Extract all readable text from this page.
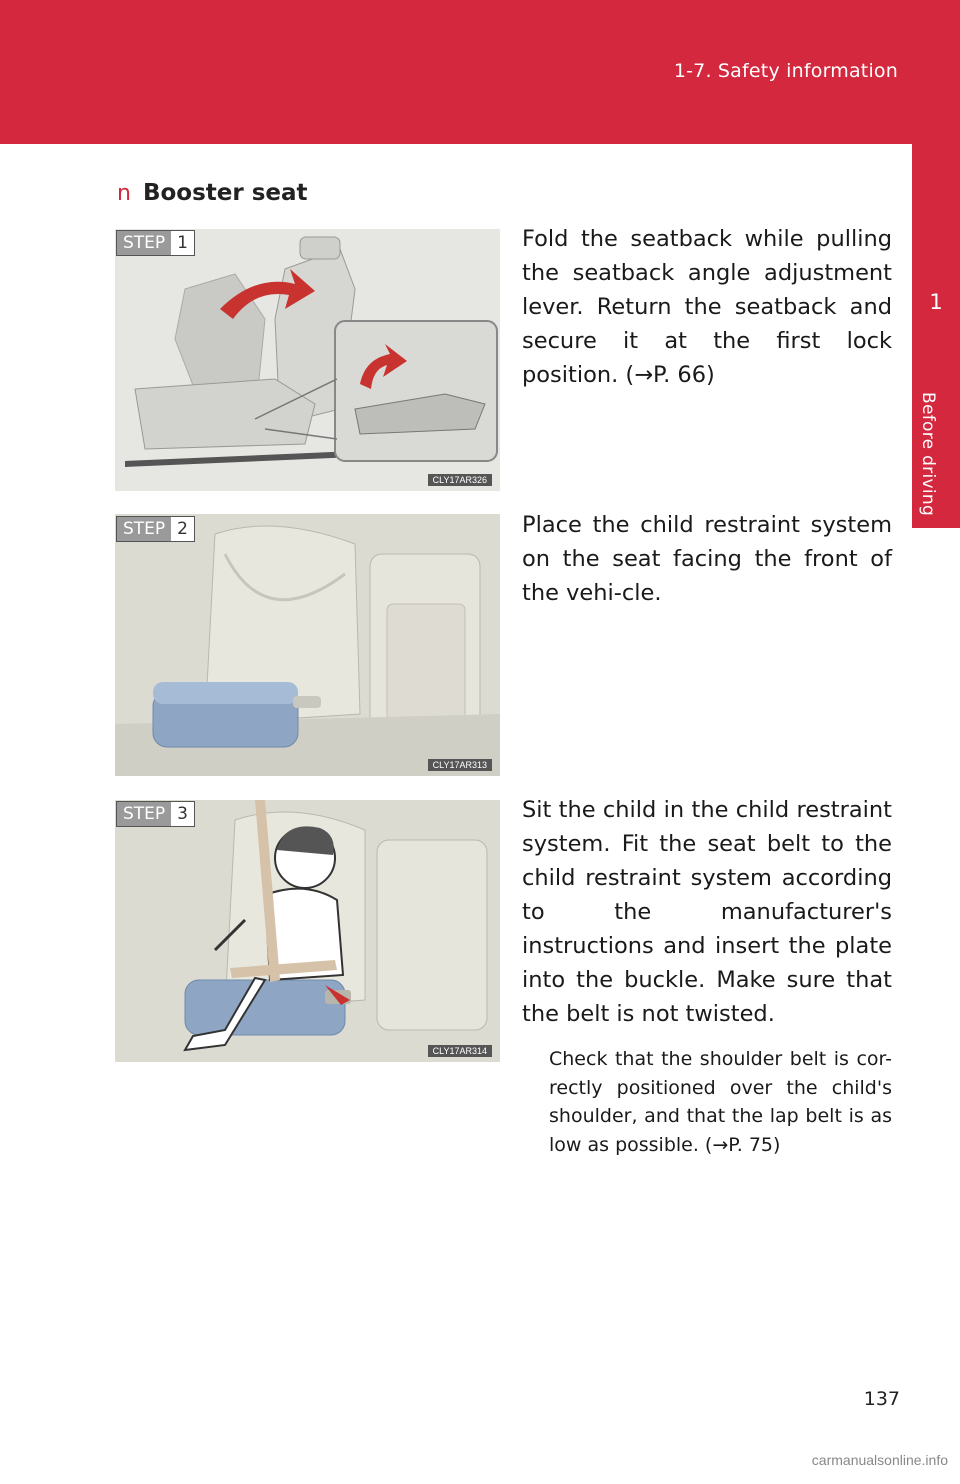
1-7. Safety information
1
Before driving
n Booster seat
CLY17AR326
STEP 1	Fold the seatback while pulling the seatback angle adjustment lever. Return the seatback and secure it at the first lock position. (→P. 66)
CLY17AR313
STEP 2	Place the child restraint system on the seat facing the front of the vehi-cle.
CLY17AR314
STEP 3	Sit the child in the child restraint system. Fit the seat belt to the child restraint system according to the manufacturer's instructions and insert the plate into the buckle. Make sure that the belt is not twisted.
Check that the shoulder belt is cor-rectly positioned over the child's shoulder, and that the lap belt is as low as possible. (→P. 75)
137
carmanualsonline.info
